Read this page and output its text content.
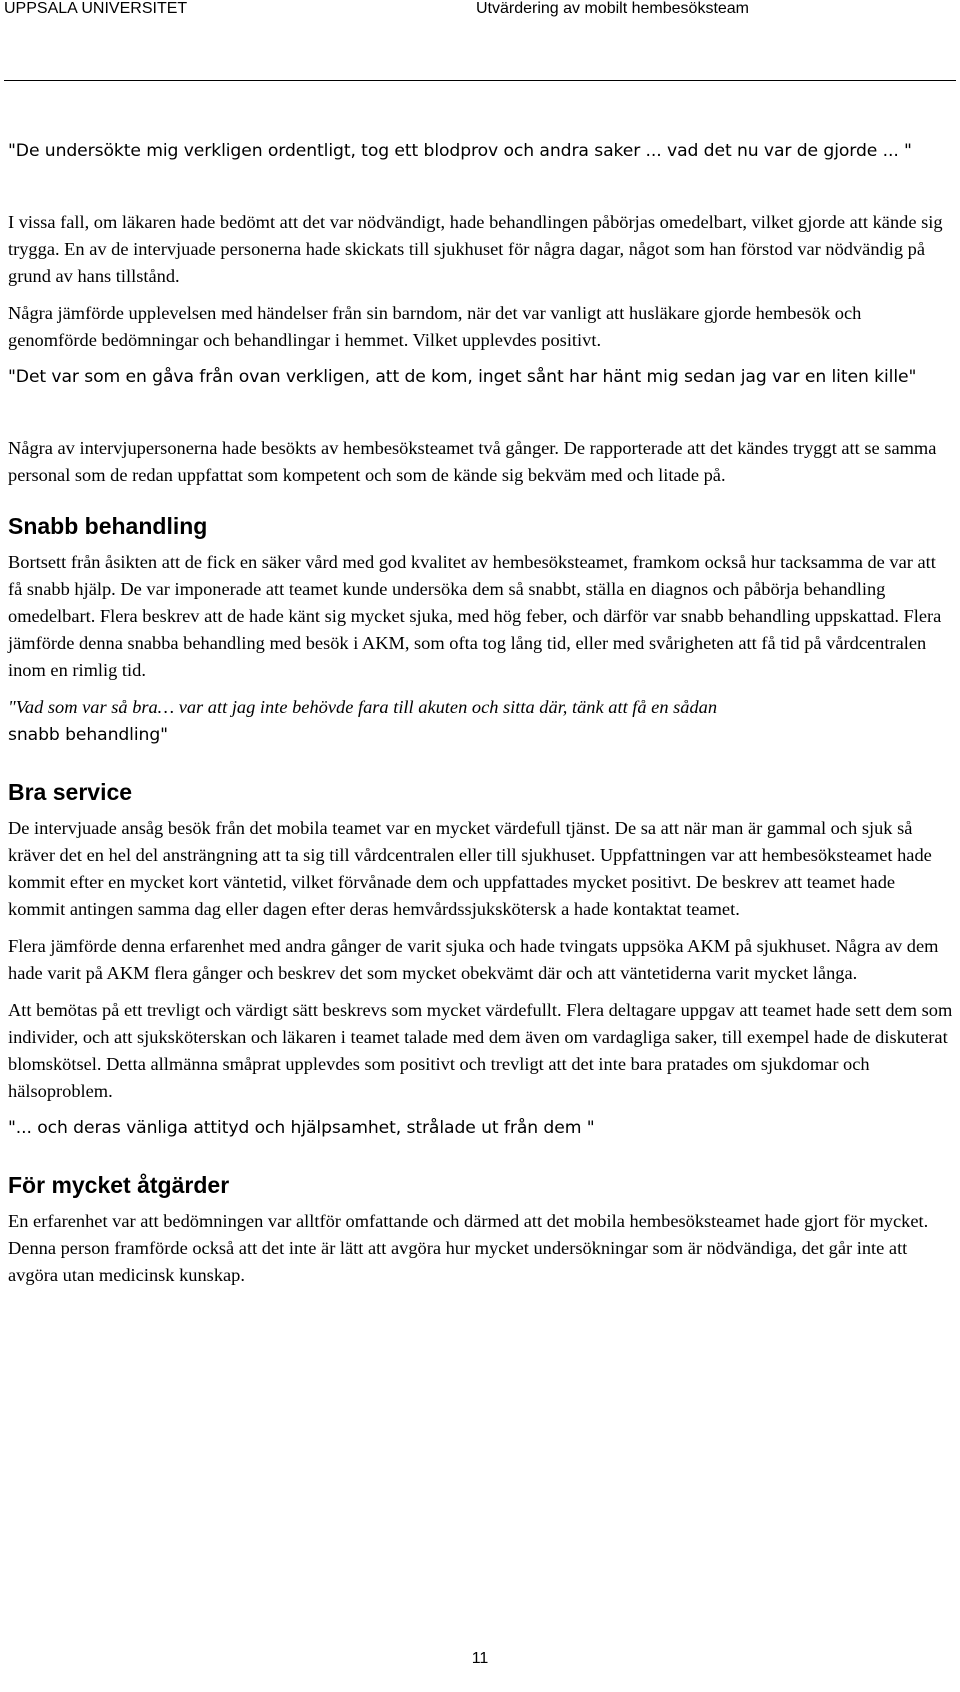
UPPSALA UNIVERSITET	Utvärdering av mobilt hembesöksteam

"De undersökte mig verkligen ordentligt, tog ett blodprov och andra saker ... vad det nu var de gjorde ... "

I vissa fall, om läkaren hade bedömt att det var nödvändigt, hade behandlingen påbörjas omedelbart, vilket gjorde att kände sig trygga. En av de intervjuade personerna hade skickats till sjukhuset för några dagar, något som han förstod var nödvändig på grund av hans tillstånd.

Några jämförde upplevelsen med händelser från sin barndom, när det var vanligt att husläkare gjorde hembesök och genomförde bedömningar och behandlingar i hemmet. Vilket upplevdes positivt.

"Det var som en gåva från ovan verkligen, att de kom, inget sånt har hänt mig sedan jag var en liten kille"

Några av intervjupersonerna hade besökts av hembesöksteamet två gånger. De rapporterade att det kändes tryggt att se samma personal som de redan uppfattat som kompetent och som de kände sig bekväm med och litade på.

Snabb behandling

Bortsett från åsikten att de fick en säker vård med god kvalitet av hembesöksteamet, framkom också hur tacksamma de var att få snabb hjälp. De var imponerade att teamet kunde undersöka dem så snabbt, ställa en diagnos och påbörja behandling omedelbart. Flera beskrev att de hade känt sig mycket sjuka, med hög feber, och därför var snabb behandling uppskattad. Flera jämförde denna snabba behandling med besök i AKM, som ofta tog lång tid, eller med svårigheten att få tid på vårdcentralen inom en rimlig tid.

"Vad som var så bra… var att jag inte behövde fara till akuten och sitta där, tänk att få en sådan
snabb behandling"

Bra service

De intervjuade ansåg besök från det mobila teamet var en mycket värdefull tjänst. De sa att när man är gammal och sjuk så kräver det en hel del ansträngning att ta sig till vårdcentralen eller till sjukhuset. Uppfattningen var att hembesöksteamet hade kommit efter en mycket kort väntetid, vilket förvånade dem och uppfattades mycket positivt. De beskrev att teamet hade kommit antingen samma dag eller dagen efter deras hemvårdssjukskötersk a hade kontaktat teamet.

Flera jämförde denna erfarenhet med andra gånger de varit sjuka och hade tvingats uppsöka AKM på sjukhuset. Några av dem hade varit på AKM flera gånger och beskrev det som mycket obekvämt där och att väntetiderna varit mycket långa.

Att bemötas på ett trevligt och värdigt sätt beskrevs som mycket värdefullt. Flera deltagare uppgav att teamet hade sett dem som individer, och att sjuksköterskan och läkaren i teamet talade med dem även om vardagliga saker, till exempel hade de diskuterat blomskötsel. Detta allmänna småprat upplevdes som positivt och trevligt att det inte bara pratades om sjukdomar och hälsoproblem.

"... och deras vänliga attityd och hjälpsamhet, strålade ut från dem "

För mycket åtgärder

En erfarenhet var att bedömningen var alltför omfattande och därmed att det mobila hembesöksteamet hade gjort för mycket. Denna person framförde också att det inte är lätt att avgöra hur mycket undersökningar som är nödvändiga, det går inte att avgöra utan medicinsk kunskap.

11
